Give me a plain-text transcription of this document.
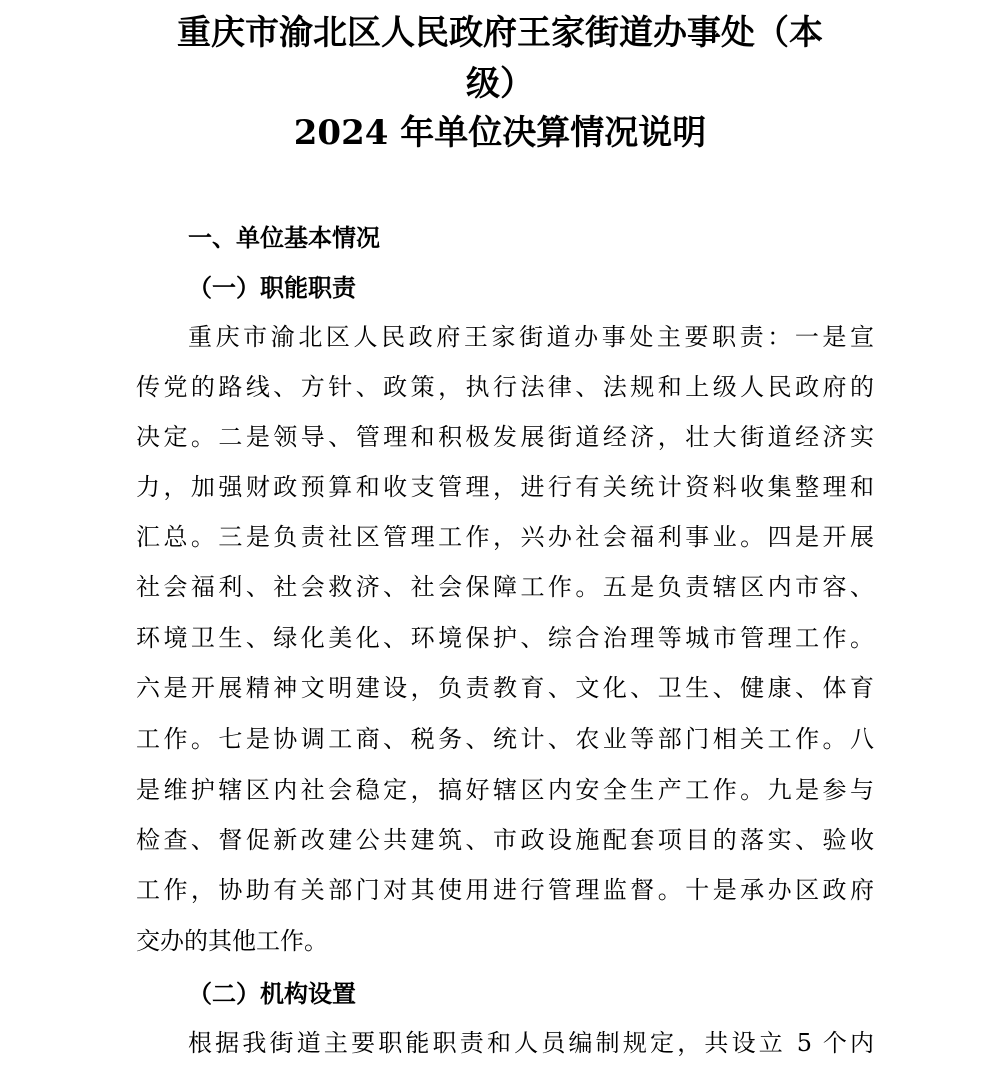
重庆市渝北区人民政府王家街道办事处（本
级）
2024 年单位决算情况说明
一、单位基本情况
（一）职能职责

重庆市渝北区人民政府王家街道办事处主要职责：一是宣

传党的路线、方针、政策，执行法律、法规和上级人民政府的

决定。二是领导、管理和积极发展街道经济，壮大街道经济实

力，加强财政预算和收支管理，进行有关统计资料收集整理和

汇总。三是负责社区管理工作，兴办社会福利事业。四是开展

社会福利、社会救济、社会保障工作。五是负责辖区内市容、

环境卫生、绿化美化、环境保护、综合治理等城市管理工作。

六是开展精神文明建设，负责教育、文化、卫生、健康、体育

工作。七是协调工商、税务、统计、农业等部门相关工作。八

是维护辖区内社会稳定，搞好辖区内安全生产工作。九是参与

检查、督促新改建公共建筑、市政设施配套项目的落实、验收

工作，协助有关部门对其使用进行管理监督。十是承办区政府

交办的其他工作。

（二）机构设置

根据我街道主要职能职责和人员编制规定，共设立 5 个内
